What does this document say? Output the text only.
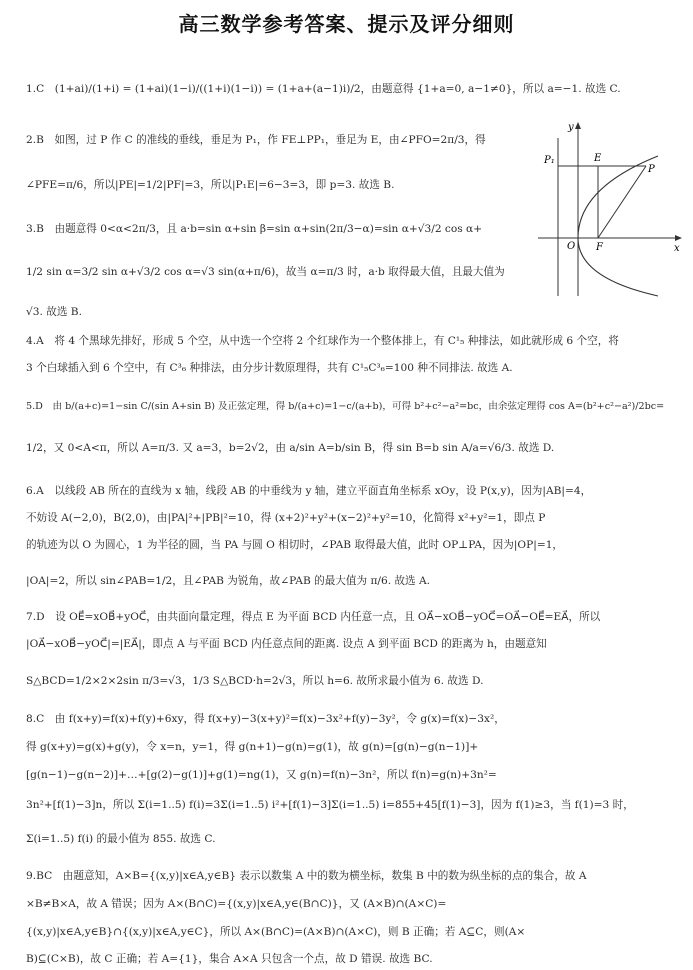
高三数学参考答案、提示及评分细则
1.C　(1+ai)/(1+i) = (1+ai)(1−i)/((1+i)(1−i)) = (1+a+(a−1)i)/2，由题意得 {1+a=0, a−1≠0}，所以 a=−1. 故选 C.
2.B　如图，过 P 作 C 的准线的垂线，垂足为 P₁，作 FE⊥PP₁，垂足为 E，由∠PFO=2π/3，得
∠PFE=π/6，所以|PE|=1/2|PF|=3，所以|P₁E|=6−3=3，即 p=3. 故选 B.
3.B　由题意得 0<α<2π/3，且 a·b=sin α+sin β=sin α+sin(2π/3−α)=sin α+√3/2 cos α+
1/2 sin α=3/2 sin α+√3/2 cos α=√3 sin(α+π/6)，故当 α=π/3 时，a·b 取得最大值，且最大值为
√3. 故选 B.
4.A　将 4 个黑球先排好，形成 5 个空，从中选一个空将 2 个红球作为一个整体排上，有 C¹₅ 种排法，如此就形成 6 个空，将
3 个白球插入到 6 个空中，有 C³₆ 种排法，由分步计数原理得，共有 C¹₅C³₆=100 种不同排法. 故选 A.
5.D　由 b/(a+c)=1−sin C/(sin A+sin B) 及正弦定理，得 b/(a+c)=1−c/(a+b)，可得 b²+c²−a²=bc，由余弦定理得 cos A=(b²+c²−a²)/2bc=
1/2，又 0<A<π，所以 A=π/3. 又 a=3，b=2√2，由 a/sin A=b/sin B，得 sin B=b sin A/a=√6/3. 故选 D.
6.A　以线段 AB 所在的直线为 x 轴，线段 AB 的中垂线为 y 轴，建立平面直角坐标系 xOy，设 P(x,y)，因为|AB|=4，
不妨设 A(−2,0)，B(2,0)，由|PA|²+|PB|²=10，得 (x+2)²+y²+(x−2)²+y²=10，化简得 x²+y²=1，即点 P
的轨迹为以 O 为圆心，1 为半径的圆，当 PA 与圆 O 相切时，∠PAB 取得最大值，此时 OP⊥PA，因为|OP|=1，
|OA|=2，所以 sin∠PAB=1/2，且∠PAB 为锐角，故∠PAB 的最大值为 π/6. 故选 A.
7.D　设 OE⃗=xOB⃗+yOC⃗，由共面向量定理，得点 E 为平面 BCD 内任意一点，且 OA⃗−xOB⃗−yOC⃗=OA⃗−OE⃗=EA⃗，所以
|OA⃗−xOB⃗−yOC⃗|=|EA⃗|，即点 A 与平面 BCD 内任意点间的距离. 设点 A 到平面 BCD 的距离为 h，由题意知
S△BCD=1/2×2×2sin π/3=√3，1/3 S△BCD·h=2√3，所以 h=6. 故所求最小值为 6. 故选 D.
8.C　由 f(x+y)=f(x)+f(y)+6xy，得 f(x+y)−3(x+y)²=f(x)−3x²+f(y)−3y²，令 g(x)=f(x)−3x²，
得 g(x+y)=g(x)+g(y)，令 x=n，y=1，得 g(n+1)−g(n)=g(1)，故 g(n)=[g(n)−g(n−1)]+
[g(n−1)−g(n−2)]+…+[g(2)−g(1)]+g(1)=ng(1)，又 g(n)=f(n)−3n²，所以 f(n)=g(n)+3n²=
3n²+[f(1)−3]n，所以 Σ(i=1..5) f(i)=3Σ(i=1..5) i²+[f(1)−3]Σ(i=1..5) i=855+45[f(1)−3]，因为 f(1)≥3，当 f(1)=3 时，
Σ(i=1..5) f(i) 的最小值为 855. 故选 C.
9.BC　由题意知，A×B={(x,y)|x∈A,y∈B} 表示以数集 A 中的数为横坐标，数集 B 中的数为纵坐标的点的集合，故 A
×B≠B×A，故 A 错误；因为 A×(B∩C)={(x,y)|x∈A,y∈(B∩C)}，又 (A×B)∩(A×C)=
{(x,y)|x∈A,y∈B}∩{(x,y)|x∈A,y∈C}，所以 A×(B∩C)=(A×B)∩(A×C)，则 B 正确；若 A⊆C，则(A×
B)⊆(C×B)，故 C 正确；若 A={1}，集合 A×A 只包含一个点，故 D 错误. 故选 BC.
y
x
O F
E
P
P₁
